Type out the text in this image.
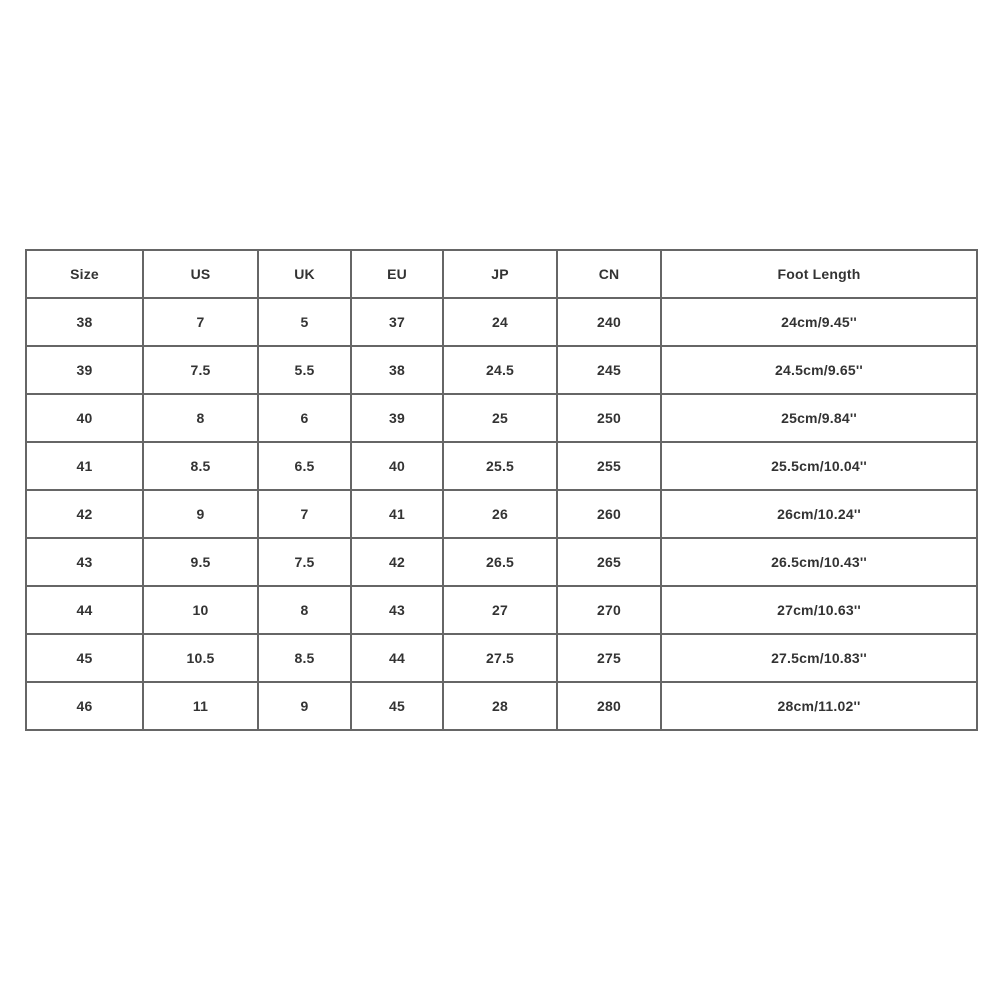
Size	US	UK	EU	JP	CN	Foot Length
38	7	5	37	24	240	24cm/9.45''
39	7.5	5.5	38	24.5	245	24.5cm/9.65''
40	8	6	39	25	250	25cm/9.84''
41	8.5	6.5	40	25.5	255	25.5cm/10.04''
42	9	7	41	26	260	26cm/10.24''
43	9.5	7.5	42	26.5	265	26.5cm/10.43''
44	10	8	43	27	270	27cm/10.63''
45	10.5	8.5	44	27.5	275	27.5cm/10.83''
46	11	9	45	28	280	28cm/11.02''
